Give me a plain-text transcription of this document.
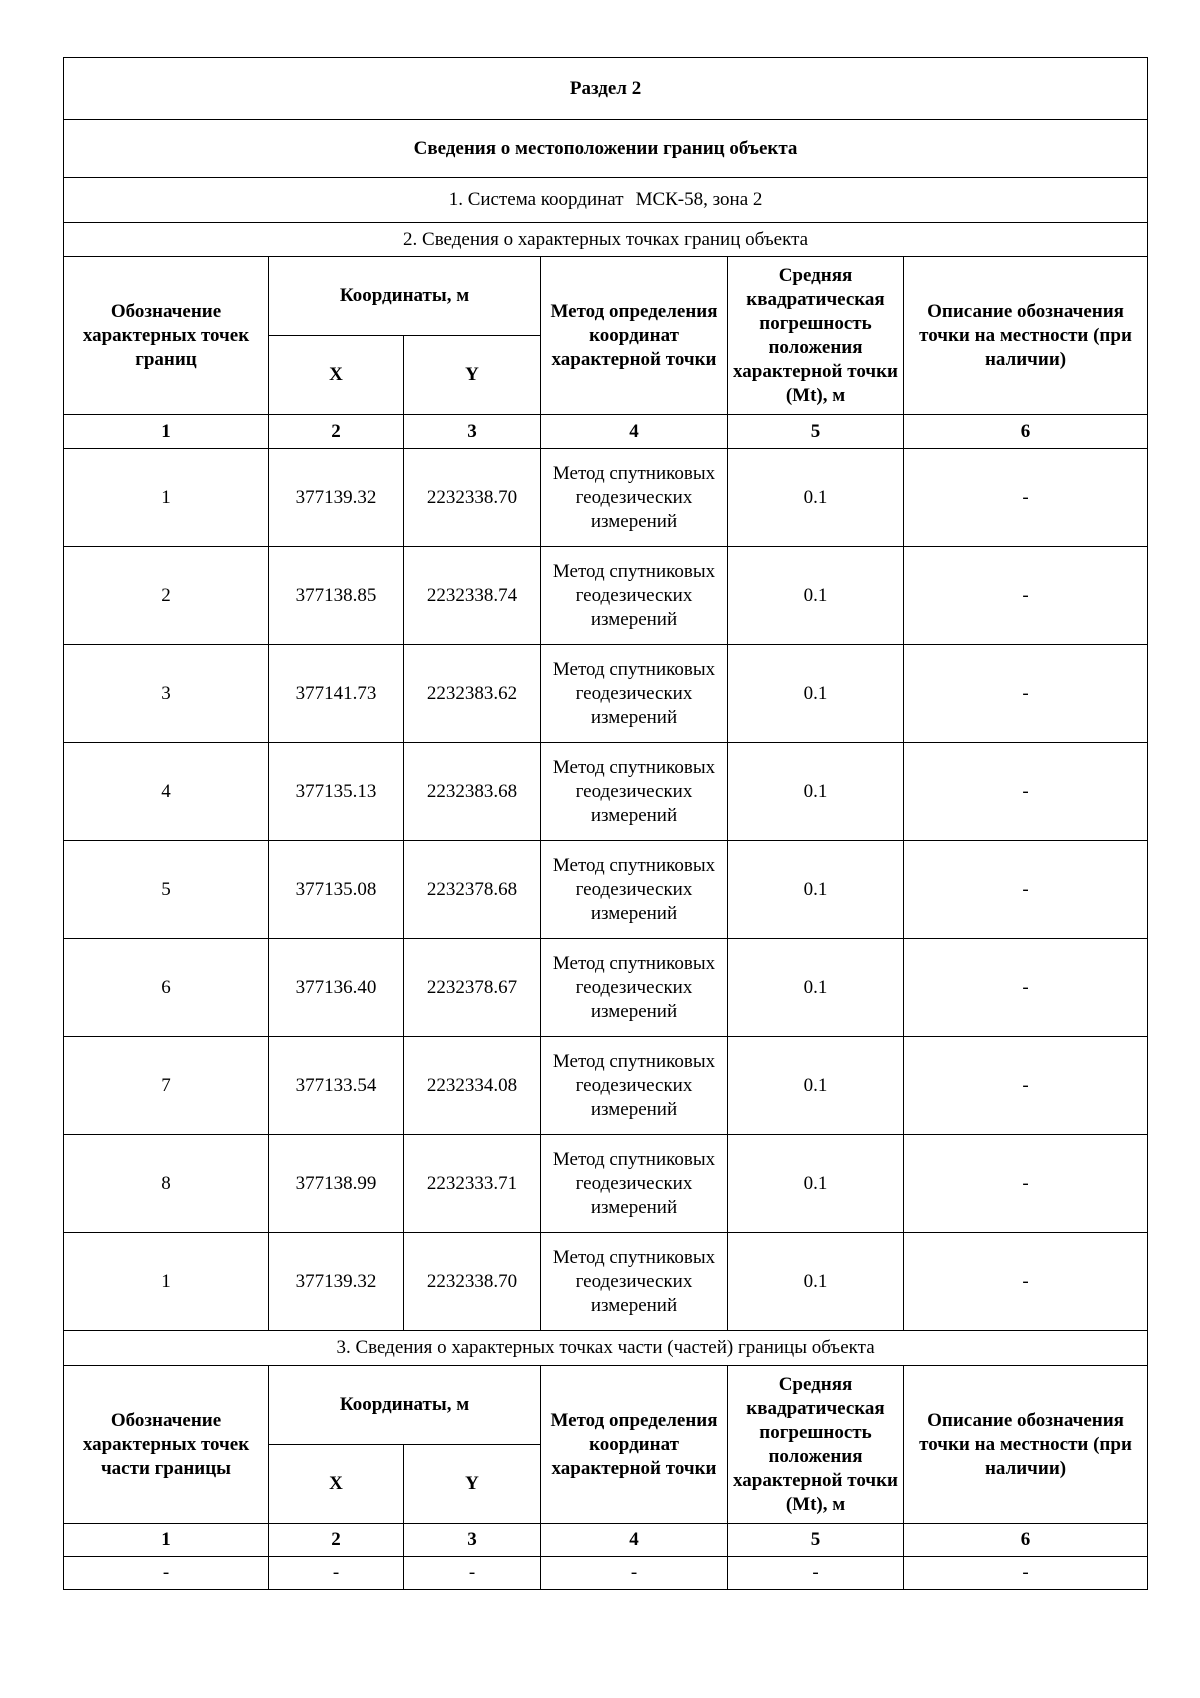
Раздел 2					
Сведения о местоположении границ объекта					
1. Система координат МСК-58, зона 2					
2. Сведения о характерных точках границ объекта					
Обозначение характерных точек границ	Координаты, м		Метод определения координат характерной точки	Средняя квадратическая погрешность положения характерной точки (Mt), м	Описание обозначения точки на местности (при наличии)
	X	Y			
1	2	3	4	5	6
1	377139.32	2232338.70	Метод спутниковых геодезических измерений	0.1	-
2	377138.85	2232338.74	Метод спутниковых геодезических измерений	0.1	-
3	377141.73	2232383.62	Метод спутниковых геодезических измерений	0.1	-
4	377135.13	2232383.68	Метод спутниковых геодезических измерений	0.1	-
5	377135.08	2232378.68	Метод спутниковых геодезических измерений	0.1	-
6	377136.40	2232378.67	Метод спутниковых геодезических измерений	0.1	-
7	377133.54	2232334.08	Метод спутниковых геодезических измерений	0.1	-
8	377138.99	2232333.71	Метод спутниковых геодезических измерений	0.1	-
1	377139.32	2232338.70	Метод спутниковых геодезических измерений	0.1	-
3. Сведения о характерных точках части (частей) границы объекта					
Обозначение характерных точек части границы	Координаты, м		Метод определения координат характерной точки	Средняя квадратическая погрешность положения характерной точки (Mt), м	Описание обозначения точки на местности (при наличии)
	X	Y			
1	2	3	4	5	6
-	-	-	-	-	-
